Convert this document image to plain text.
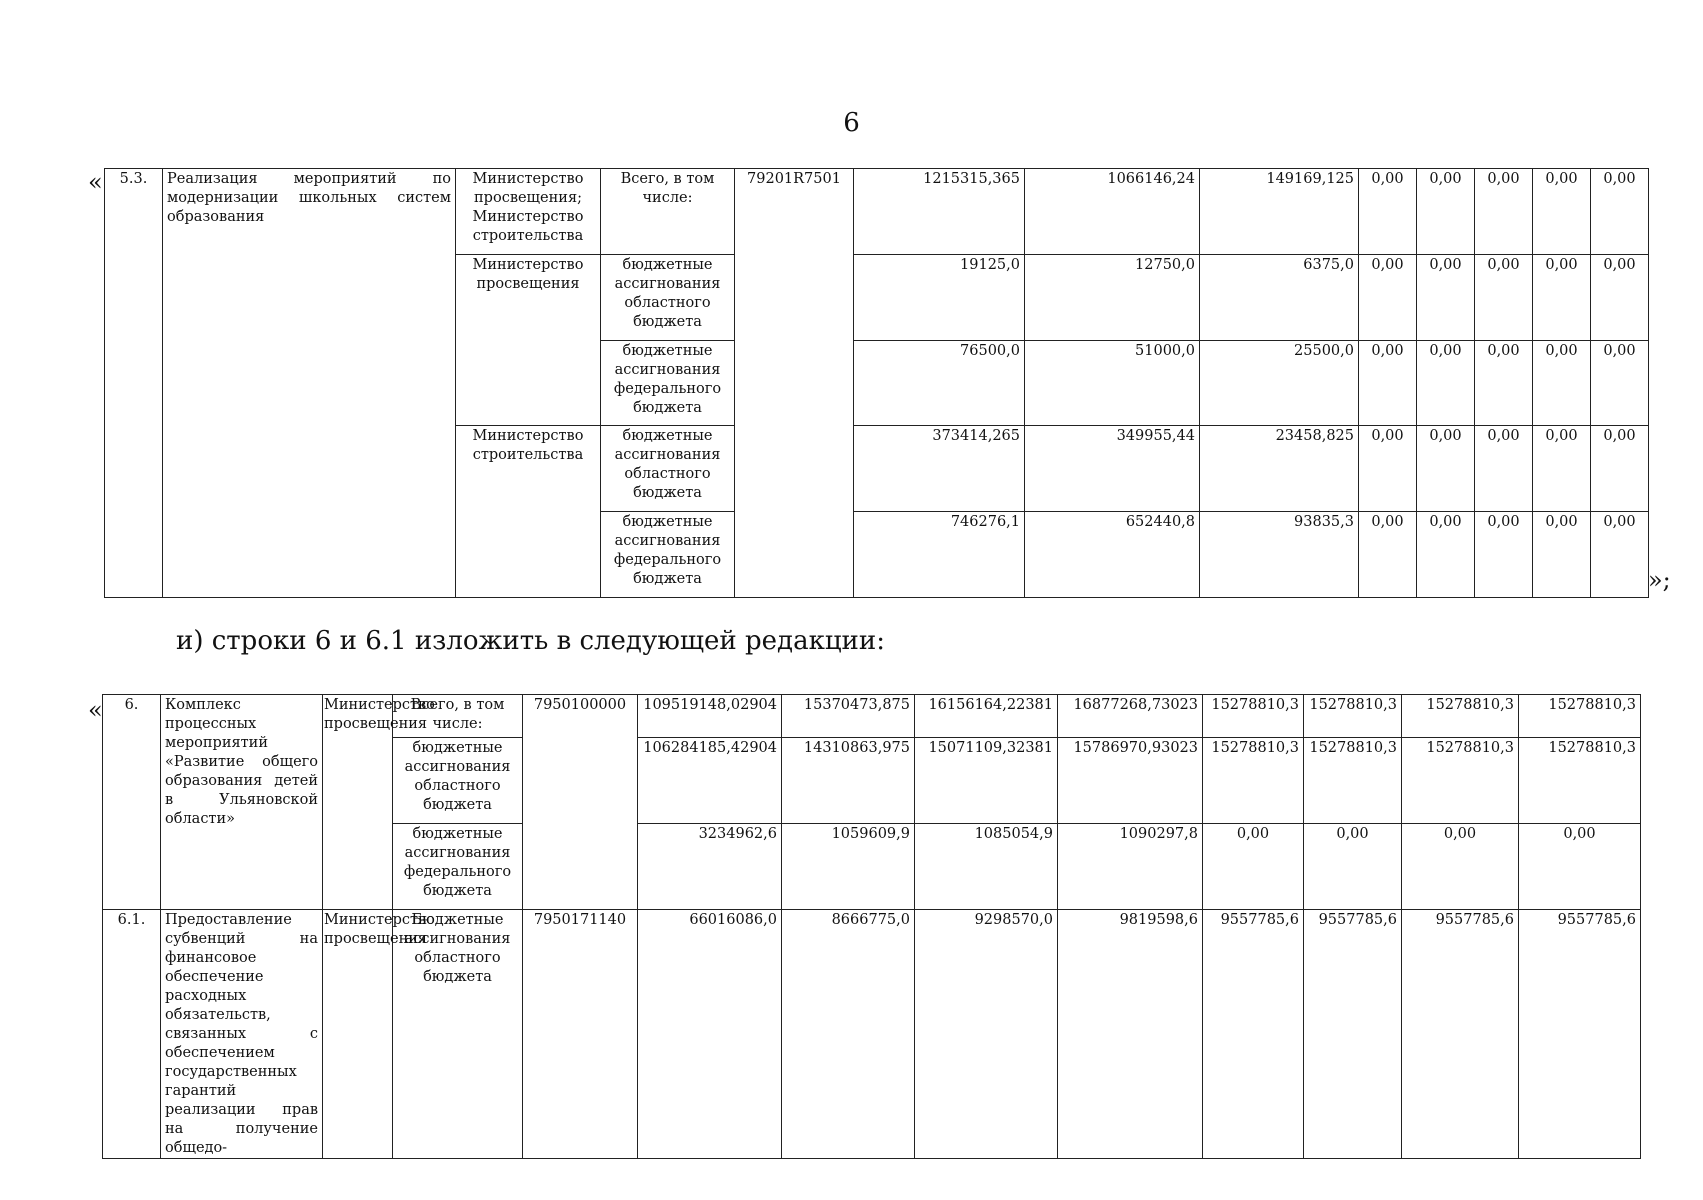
6
« 5.3.	Реализация мероприятий по модернизации школьных систем образования	Министерство просвещения; Министерство строительства	Всего, в том числе:	79201R7501	1215315,365	1066146,24	149169,125	0,00	0,00	0,00	0,00	0,00
		Министерство просвещения	бюджетные ассигнования областного бюджета		19125,0	12750,0	6375,0	0,00	0,00	0,00	0,00	0,00
			бюджетные ассигнования федерального бюджета		76500,0	51000,0	25500,0	0,00	0,00	0,00	0,00	0,00
		Министерство строительства	бюджетные ассигнования областного бюджета		373414,265	349955,44	23458,825	0,00	0,00	0,00	0,00	0,00
			бюджетные ассигнования федерального бюджета		746276,1	652440,8	93835,3	0,00	0,00	0,00	0,00	0,00
»;
и) строки 6 и 6.1 изложить в следующей редакции:
« 6.	Комплекс процессных мероприятий «Развитие общего образования детей в Ульяновской области»	Министерство просвещения	Всего, в том числе:	7950100000	109519148,02904	15370473,875	16156164,22381	16877268,73023	15278810,3	15278810,3	15278810,3	15278810,3
			бюджетные ассигнования областного бюджета		106284185,42904	14310863,975	15071109,32381	15786970,93023	15278810,3	15278810,3	15278810,3	15278810,3
			бюджетные ассигнования федерального бюджета		3234962,6	1059609,9	1085054,9	1090297,8	0,00	0,00	0,00	0,00
6.1.	Предоставление субвенций на финансовое обеспечение расходных обязательств, связанных с обеспечением государственных гарантий реализации прав на получение общедо-	Министерство просвещения	Бюджетные ассигнования областного бюджета	7950171140	66016086,0	8666775,0	9298570,0	9819598,6	9557785,6	9557785,6	9557785,6	9557785,6
